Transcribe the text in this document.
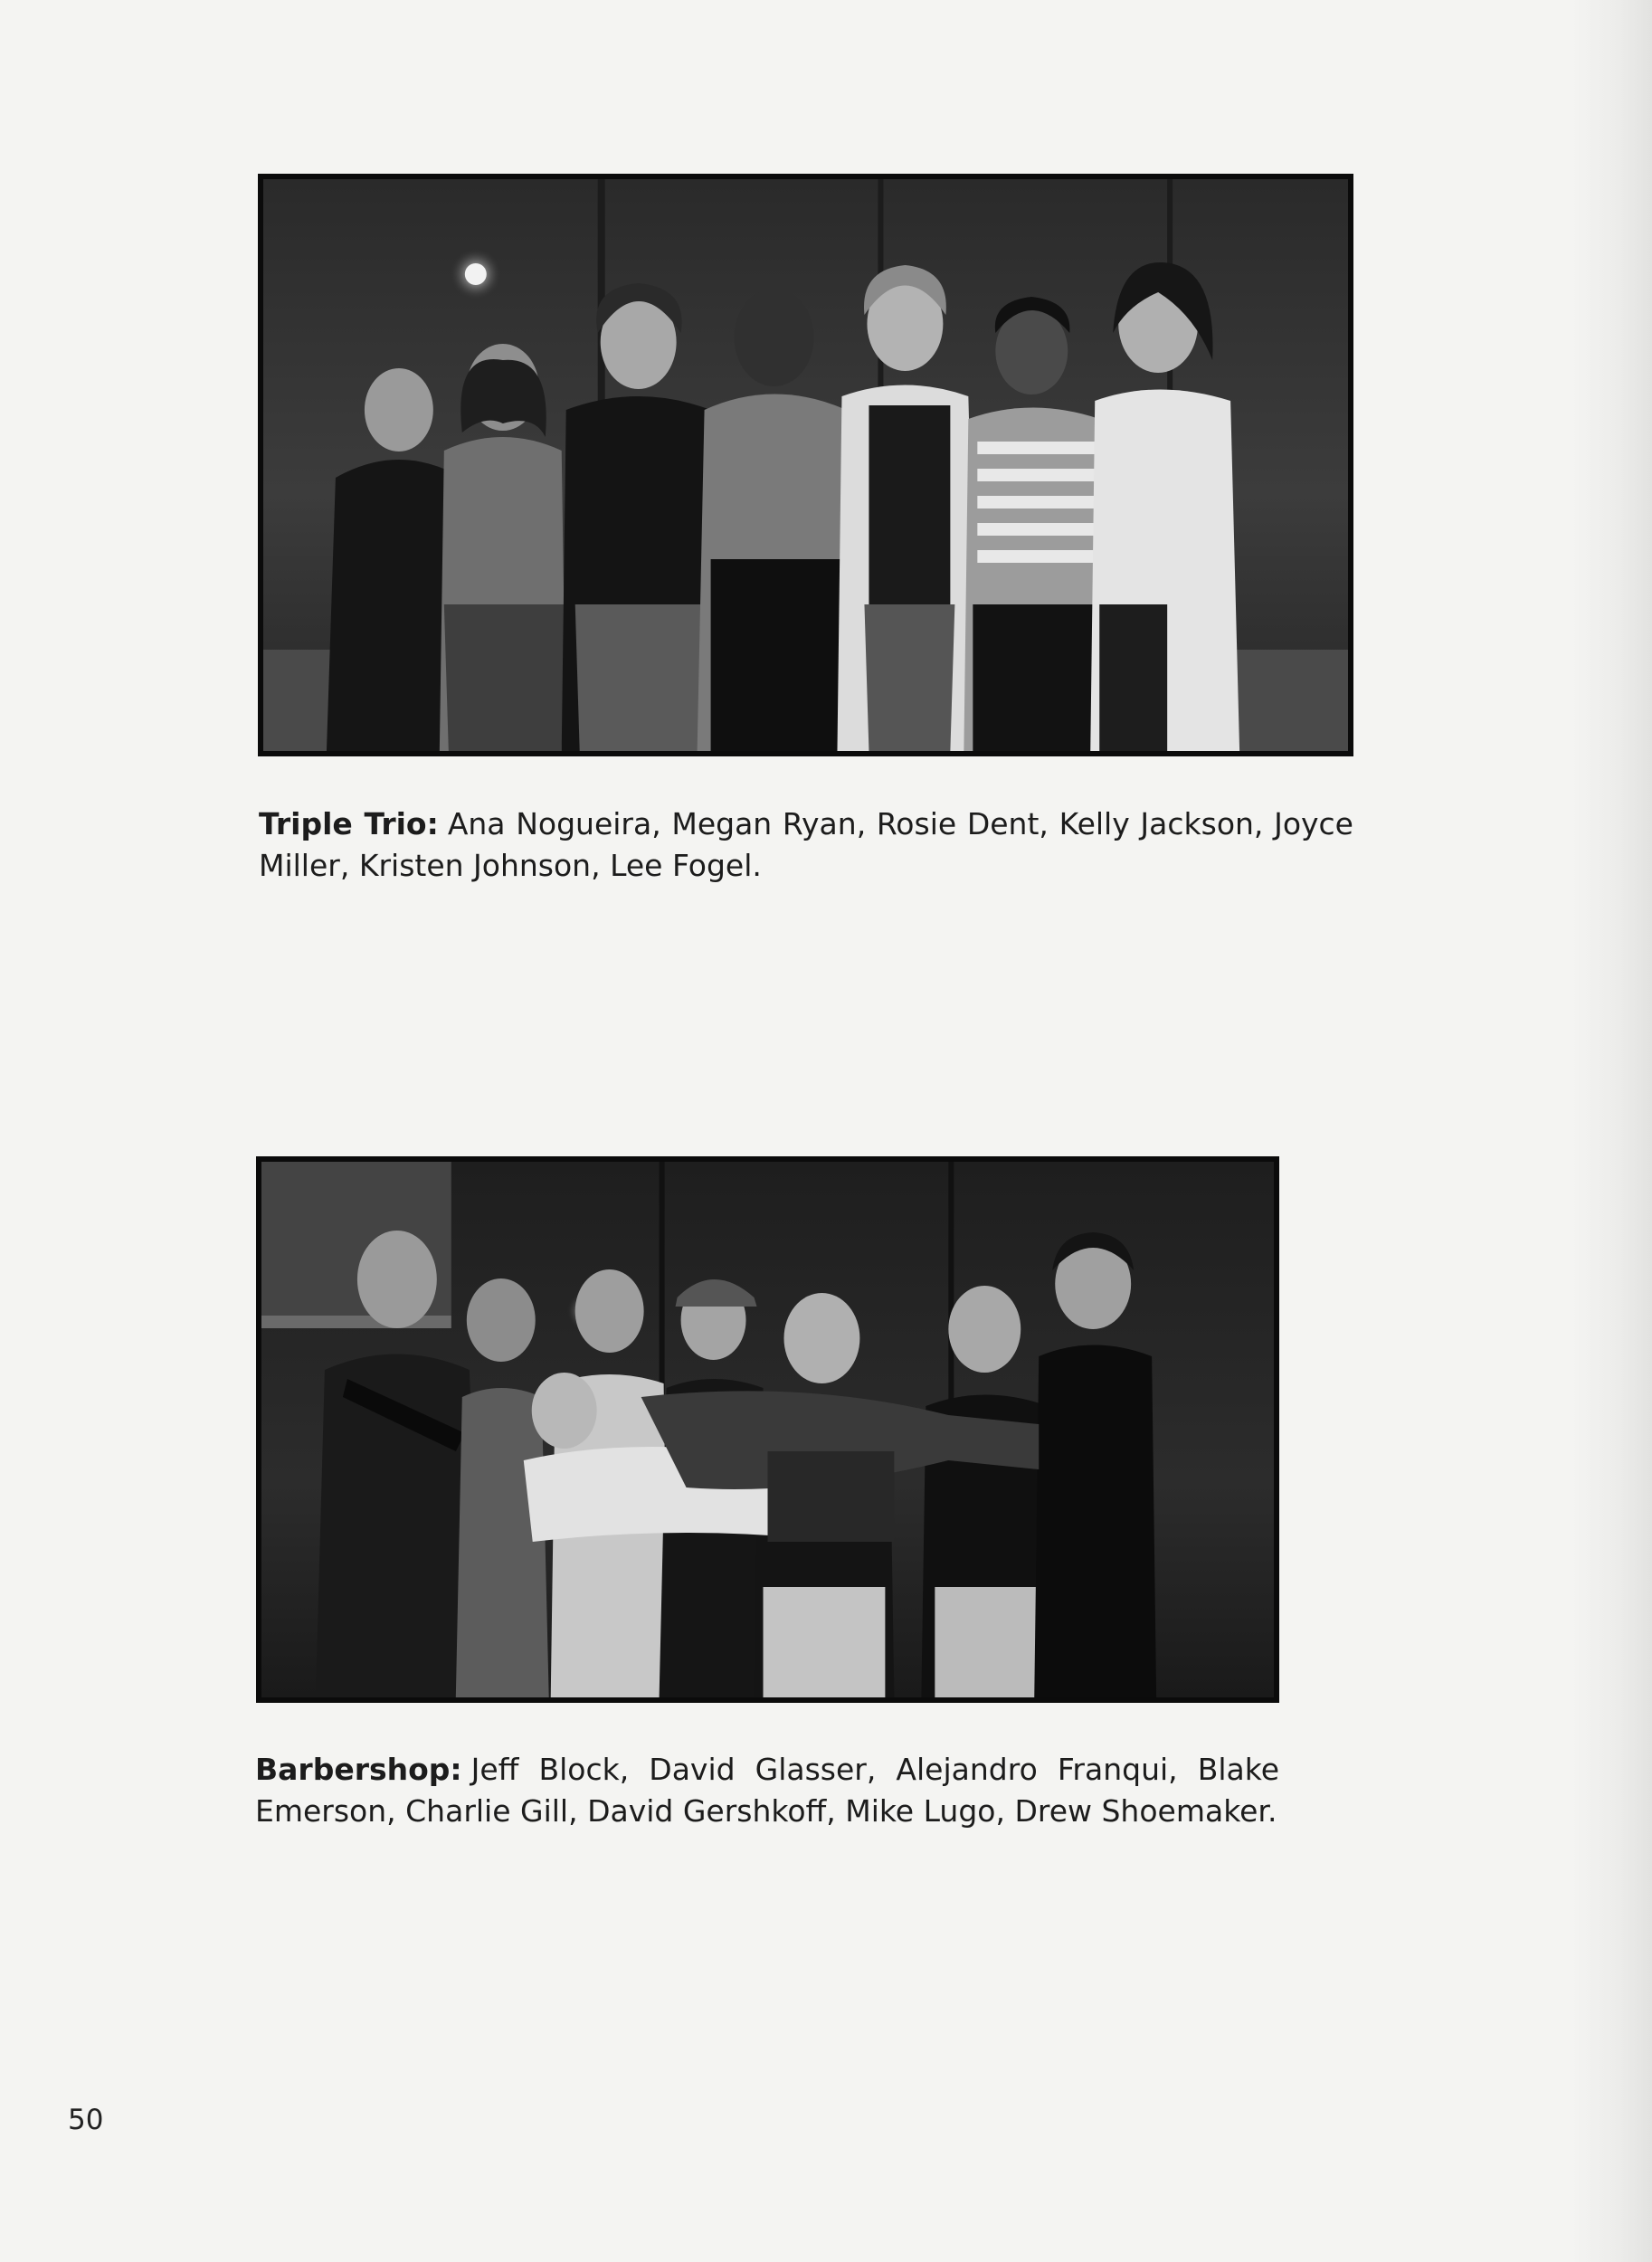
Triple Trio: Ana Nogueira, Megan Ryan, Rosie Dent, Kelly Jackson, Joyce Miller, Kristen Johnson, Lee Fogel.
Barbershop: Jeff Block, David Glasser, Alejandro Franqui, Blake Emerson, Charlie Gill, David Gershkoff, Mike Lugo, Drew Shoemaker.
50
